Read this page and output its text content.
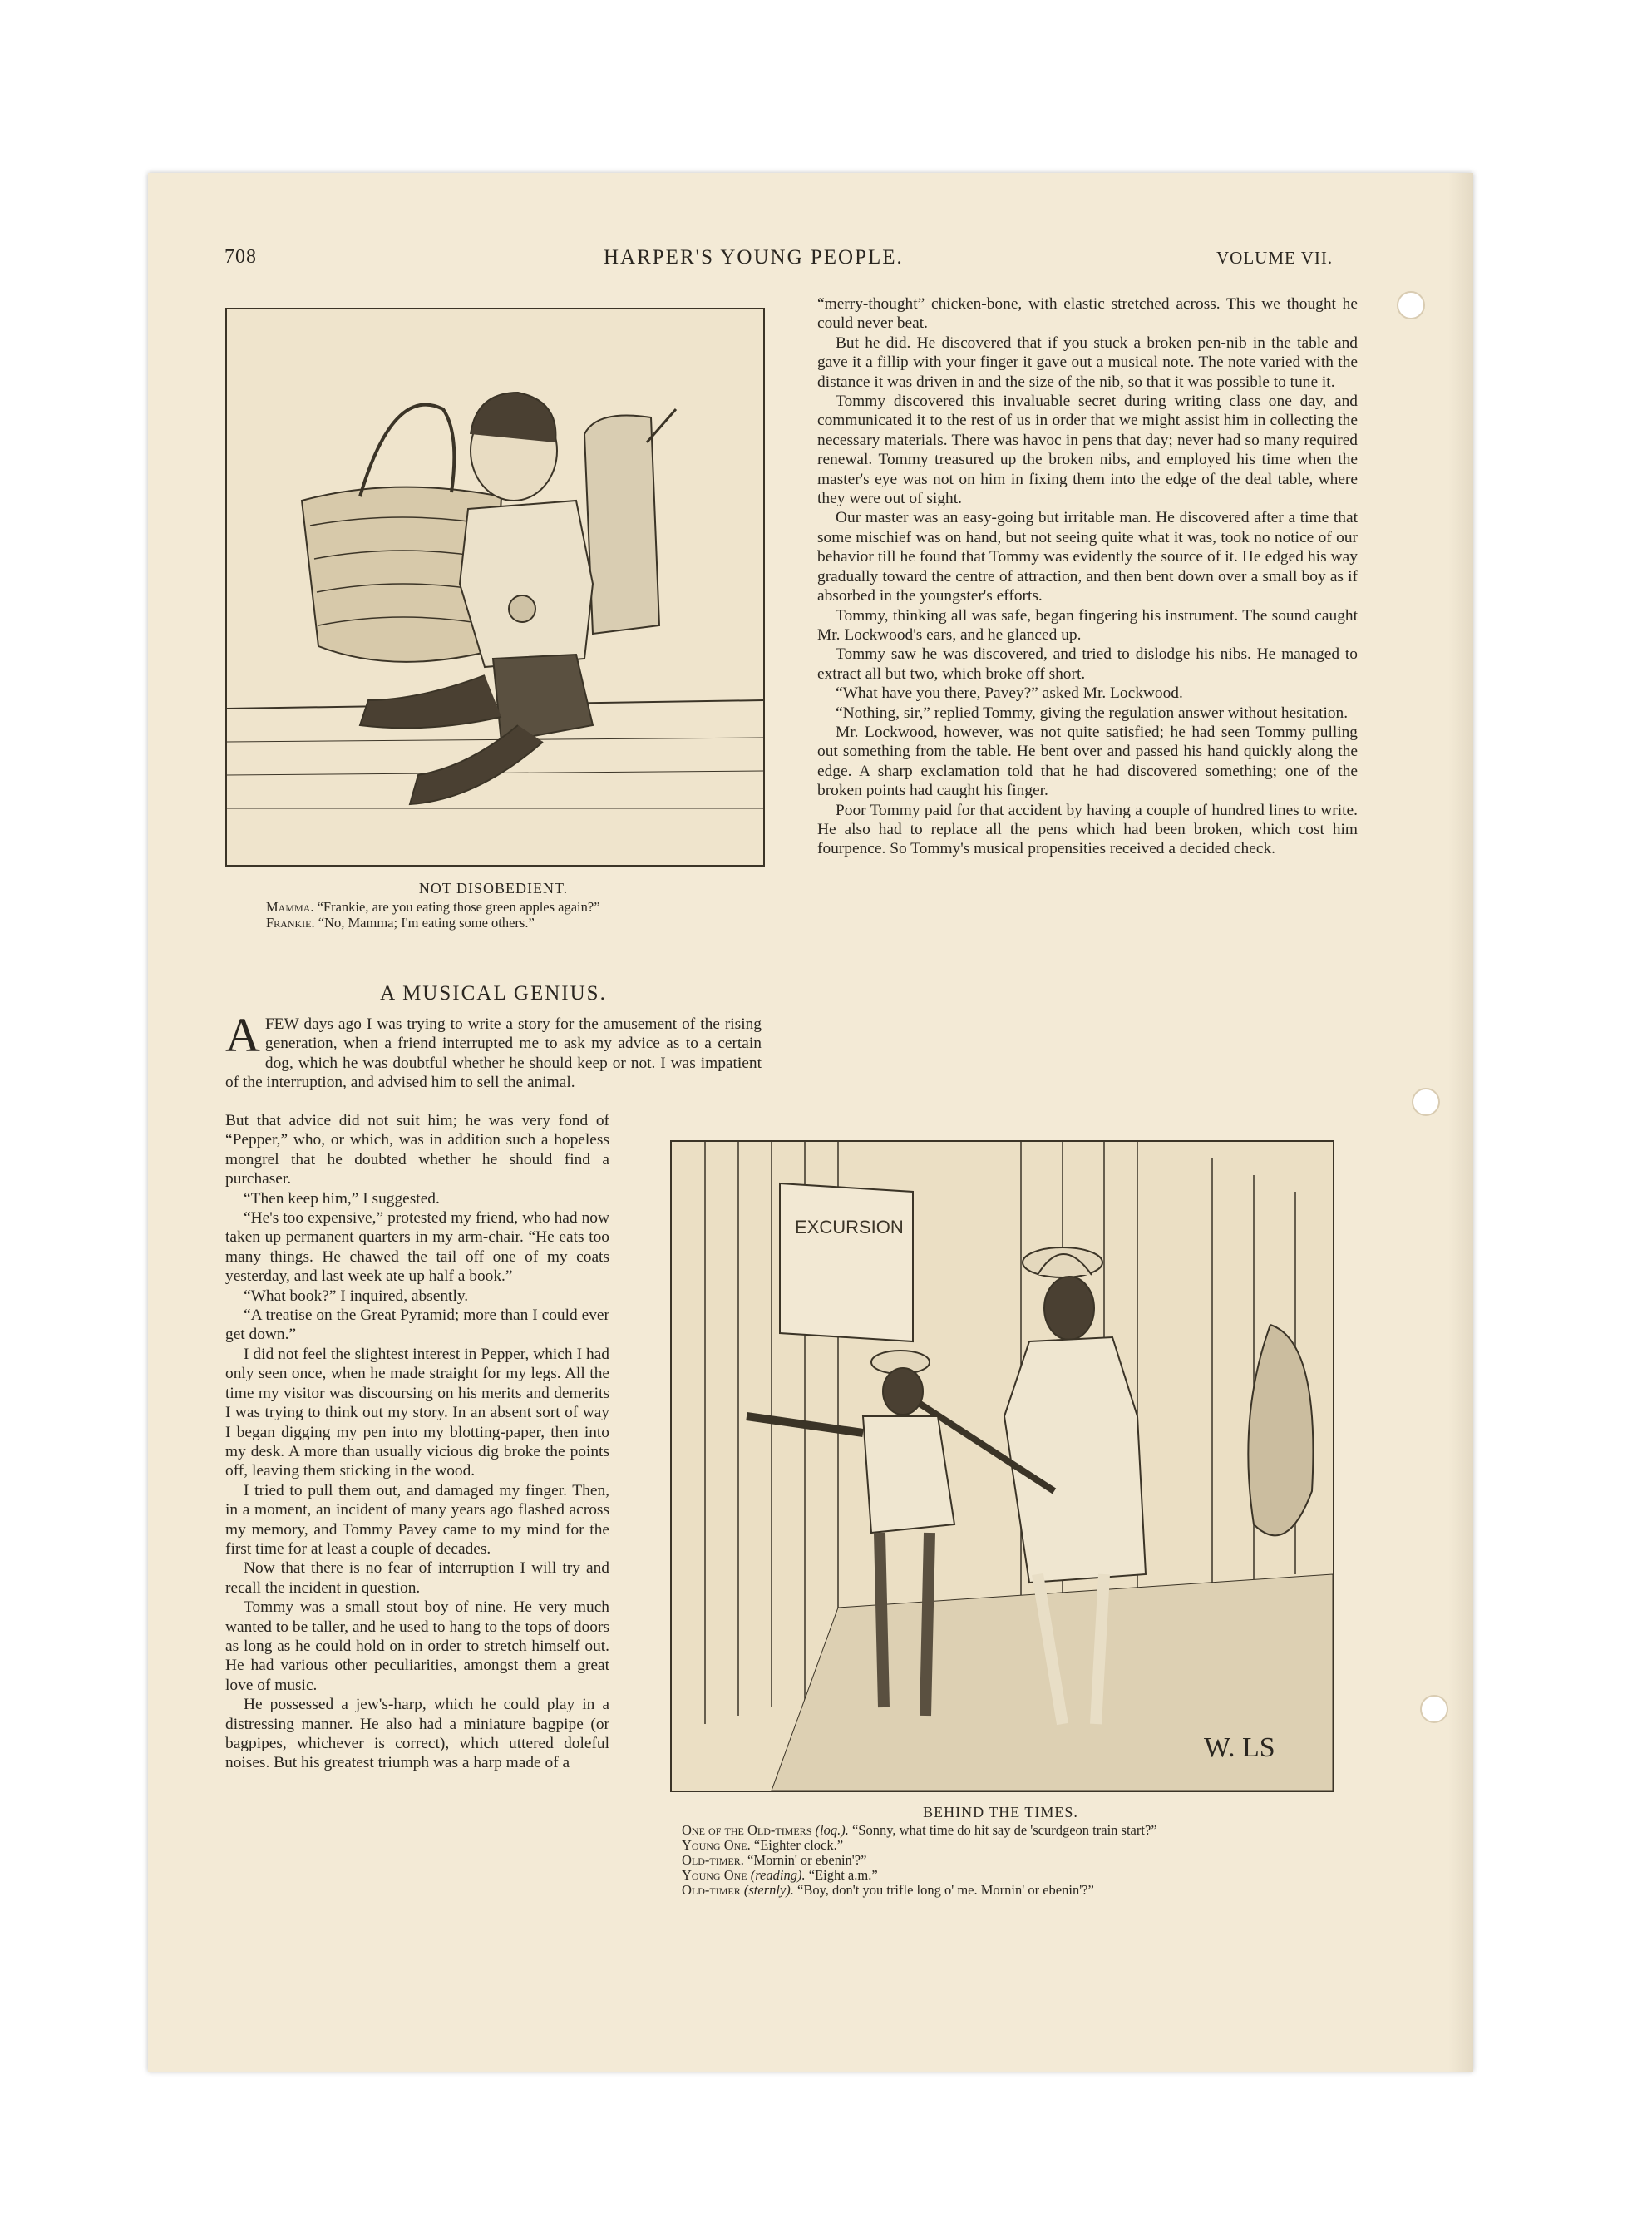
708	HARPER'S YOUNG PEOPLE.	VOLUME VII.
NOT DISOBEDIENT.
Mamma. “Frankie, are you eating those green apples again?”
Frankie. “No, Mamma; I'm eating some others.”
A MUSICAL GENIUS.

AFEW days ago I was trying to write a story for the amusement of the rising generation, when a friend interrupted me to ask my advice as to a certain dog, which he was doubtful whether he should keep or not. I was impatient of the interruption, and advised him to sell the animal.

But that advice did not suit him; he was very fond of “Pepper,” who, or which, was in addition such a hopeless mongrel that he doubted whether he should find a purchaser.

“Then keep him,” I suggested.

“He's too expensive,” protested my friend, who had now taken up permanent quarters in my arm-chair. “He eats too many things. He chawed the tail off one of my coats yesterday, and last week ate up half a book.”

“What book?” I inquired, absently.

“A treatise on the Great Pyramid; more than I could ever get down.”

I did not feel the slightest interest in Pepper, which I had only seen once, when he made straight for my legs. All the time my visitor was discoursing on his merits and demerits I was trying to think out my story. In an absent sort of way I began digging my pen into my blotting-paper, then into my desk. A more than usually vicious dig broke the points off, leaving them sticking in the wood.

I tried to pull them out, and damaged my finger. Then, in a moment, an incident of many years ago flashed across my memory, and Tommy Pavey came to my mind for the first time for at least a couple of decades.

Now that there is no fear of interruption I will try and recall the incident in question.

Tommy was a small stout boy of nine. He very much wanted to be taller, and he used to hang to the tops of doors as long as he could hold on in order to stretch himself out. He had various other peculiarities, amongst them a great love of music.

He possessed a jew's-harp, which he could play in a distressing manner. He also had a miniature bagpipe (or bagpipes, whichever is correct), which uttered doleful noises. But his greatest triumph was a harp made of a

“merry-thought” chicken-bone, with elastic stretched across. This we thought he could never beat.

But he did. He discovered that if you stuck a broken pen-nib in the table and gave it a fillip with your finger it gave out a musical note. The note varied with the distance it was driven in and the size of the nib, so that it was possible to tune it.

Tommy discovered this invaluable secret during writing class one day, and communicated it to the rest of us in order that we might assist him in collecting the necessary materials. There was havoc in pens that day; never had so many required renewal. Tommy treasured up the broken nibs, and employed his time when the master's eye was not on him in fixing them into the edge of the deal table, where they were out of sight.

Our master was an easy-going but irritable man. He discovered after a time that some mischief was on hand, but not seeing quite what it was, took no notice of our behavior till he found that Tommy was evidently the source of it. He edged his way gradually toward the centre of attraction, and then bent down over a small boy as if absorbed in the youngster's efforts.

Tommy, thinking all was safe, began fingering his instrument. The sound caught Mr. Lockwood's ears, and he glanced up.

Tommy saw he was discovered, and tried to dislodge his nibs. He managed to extract all but two, which broke off short.

“What have you there, Pavey?” asked Mr. Lockwood.

“Nothing, sir,” replied Tommy, giving the regulation answer without hesitation.

Mr. Lockwood, however, was not quite satisfied; he had seen Tommy pulling out something from the table. He bent over and passed his hand quickly along the edge. A sharp exclamation told that he had discovered something; one of the broken points had caught his finger.

Poor Tommy paid for that accident by having a couple of hundred lines to write. He also had to replace all the pens which had been broken, which cost him fourpence. So Tommy's musical propensities received a decided check.

EXCURSION
W. LS
BEHIND THE TIMES.
One of the Old-timers (loq.). “Sonny, what time do hit say de 'scurdgeon train start?”
Young One. “Eighter clock.”
Old-timer. “Mornin' or ebenin'?”
Young One (reading). “Eight a.m.”
Old-timer (sternly). “Boy, don't you trifle long o' me. Mornin' or ebenin'?”
